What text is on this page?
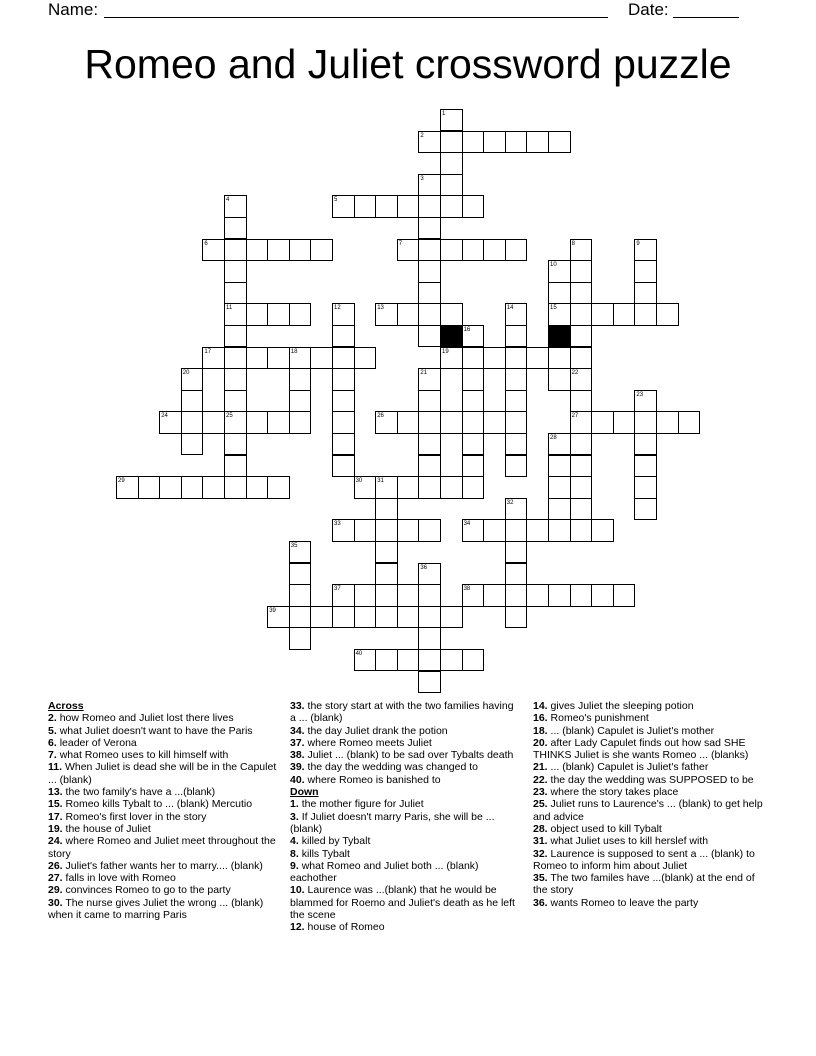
Name:	Date:
Romeo and Juliet crossword puzzle
1
2
3
4
11
25
5
6	7	8	9
10
15
12	13	14
16
17	18	19
20	21	22
27
23
24	26
28
29	30 31
32
33	34
35
36
37	38
39
40
Across
2. how Romeo and Juliet lost there lives
5. what Juliet doesn't want to have the Paris
6. leader of Verona
7. what Romeo uses to kill himself with
11. When Juliet is dead she will be in the Capulet ... (blank)
13. the two family's have a ...(blank)
15. Romeo kills Tybalt to ... (blank) Mercutio
17. Romeo's first lover in the story
19. the house of Juliet
24. where Romeo and Juliet meet throughout the story
26. Juliet's father wants her to marry.... (blank)
27. falls in love with Romeo
29. convinces Romeo to go to the party
30. The nurse gives Juliet the wrong ... (blank) when it came to marring Paris
33. the story start at with the two families having a ... (blank)
34. the day Juliet drank the potion
37. where Romeo meets Juliet
38. Juliet ... (blank) to be sad over Tybalts death
39. the day the wedding was changed to
40. where Romeo is banished to
Down
1. the mother figure for Juliet
3. If Juliet doesn't marry Paris, she will be ...(blank)
4. killed by Tybalt
8. kills Tybalt
9. what Romeo and Juliet both ... (blank) eachother
10. Laurence was ...(blank) that he would be blammed for Roemo and Juliet's death as he left the scene
12. house of Romeo
14. gives Juliet the sleeping potion
16. Romeo's punishment
18. ... (blank) Capulet is Juliet's mother
20. after Lady Capulet finds out how sad SHE THINKS Juliet is she wants Romeo ... (blanks)
21. ... (blank) Capulet is Juliet's father
22. the day the wedding was SUPPOSED to be
23. where the story takes place
25. Juliet runs to Laurence's ... (blank) to get help and advice
28. object used to kill Tybalt
31. what Juliet uses to kill herslef with
32. Laurence is supposed to sent a ... (blank) to Romeo to inform him about Juliet
35. The two familes have ...(blank) at the end of the story
36. wants Romeo to leave the party
